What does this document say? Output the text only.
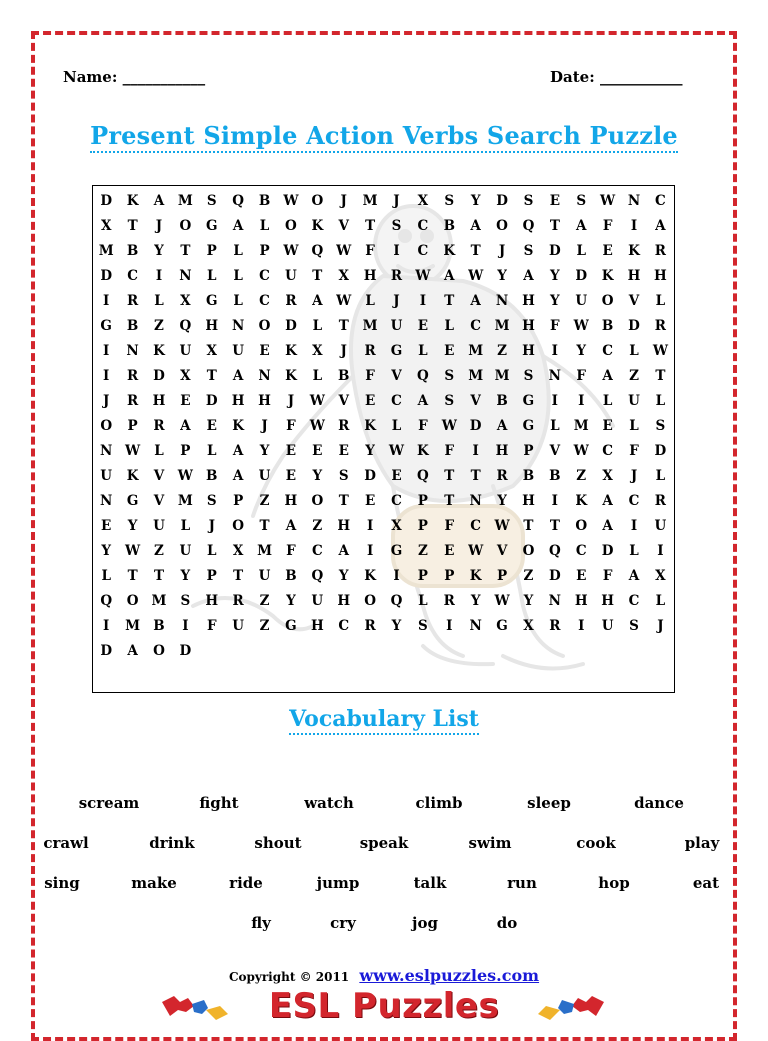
Name: ___________	Date: ___________
Present Simple Action Verbs Search Puzzle
D	K	A	M	S	Q	B W O	J	M	J	X	S	Y	D	S	E	S	W N	C
X	T	J	O	G	A	L	O	K	V	T	S	C	B	A	O	Q	T	A	F	I	A
M B	Y	T	P	L	P	W Q W	F	I	C	K	T	J	S	D	L	E	K	R
D	C	I	N	L	L	C	U	T	X	H	R W	A	W	Y	A	Y	D	K	H	H
I	R	L	X	G	L	C	R	A	W	L	J	I	T	A	N	H	Y	U	O	V	L
G	B	Z	Q	H	N	O	D	L	T	M U	E	L	C	M H	F	W B	D	R
I	N	K	U	X	U	E	K	X	J	R	G	L	E	M	Z	H	I	Y	C	L	W
I	R	D	X	T	A	N	K	L	B	F	V	Q	S	M M	S	N	F	A	Z	T
J	R	H	E	D	H	H	J	W	V	E	C	A	S	V	B	G	I	I	L	U	L
O	P	R	A	E	K	J	F	W R	K	L	F	W D	A	G	L	M	E	L	S
N W	L	P	L	A	Y	E	E	E	Y	W K	F	I	H	P	V	W C	F	D
U	K	V	W B	A	U	E	Y	S	D	E	Q	T	T	R	B	B	Z	X	J	L
N	G	V	M	S	P	Z	H	O	T	E	C	P	T	N	Y	H	I	K	A	C	R
E	Y	U	L	J	O	T	A	Z	H	I	X	P	F	C W	T	T	O	A	I	U
Y	W	Z	U	L	X	M	F	C	A	I	G	Z	E	W	V	O	Q	C	D	L	I
L	T	T	Y	P	T	U	B	Q	Y	K	I	P	P	K	P	Z	D	E	F	A	X
Q	O M	S	H	R	Z	Y	U	H	O	Q	L	R	Y	W	Y	N	H	H	C	L
I	M B	I	F	U	Z	G	H	C	R	Y	S	I	N	G	X	R	I	U	S	J
D	A	O	D
Vocabulary List
scream	fight	watch	climb	sleep	dance
crawl	drink	shout	speak	swim	cook	play
sing	make	ride	jump	talk	run	hop	eat
fly	cry	jog	do
Copyright © 2011 www.eslpuzzles.com
ESL Puzzles
